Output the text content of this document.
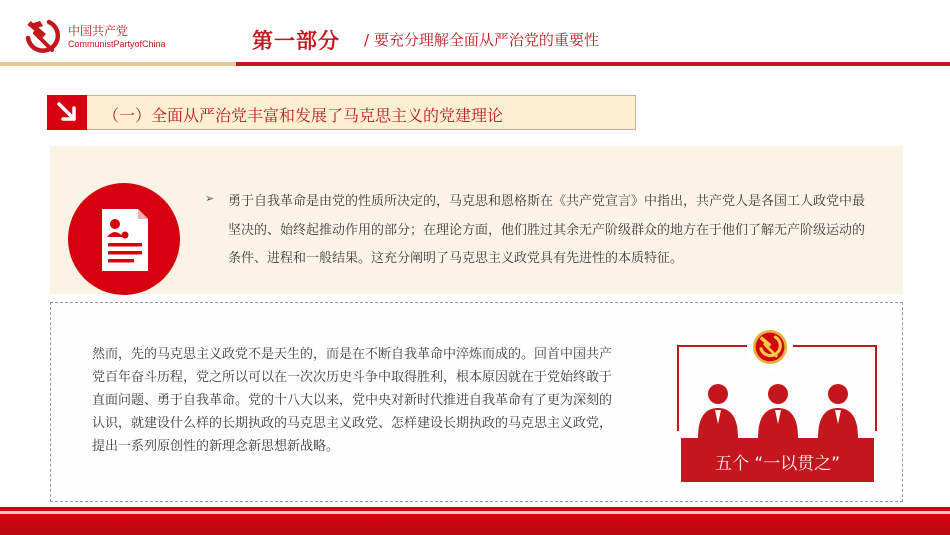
中国共产党
CommunistPartyofChina	第一部分 / 要充分理解全面从严治党的重要性
（一）全面从严治党丰富和发展了马克思主义的党建理论
➢ 勇于自我革命是由党的性质所决定的，马克思和恩格斯在《共产党宣言》中指出，共产党人是各国工人政党中最坚决的、始终起推动作用的部分；在理论方面，他们胜过其余无产阶级群众的地方在于他们了解无产阶级运动的条件、进程和一般结果。这充分阐明了马克思主义政党具有先进性的本质特征。
然而，先的马克思主义政党不是天生的，而是在不断自我革命中淬炼而成的。回首中国共产党百年奋斗历程，党之所以可以在一次次历史斗争中取得胜利，根本原因就在于党始终敢于直面问题、勇于自我革命。党的十八大以来，党中央对新时代推进自我革命有了更为深刻的认识，就建设什么样的长期执政的马克思主义政党、怎样建设长期执政的马克思主义政党，提出一系列原创性的新理念新思想新战略。
五个 “一以贯之”
